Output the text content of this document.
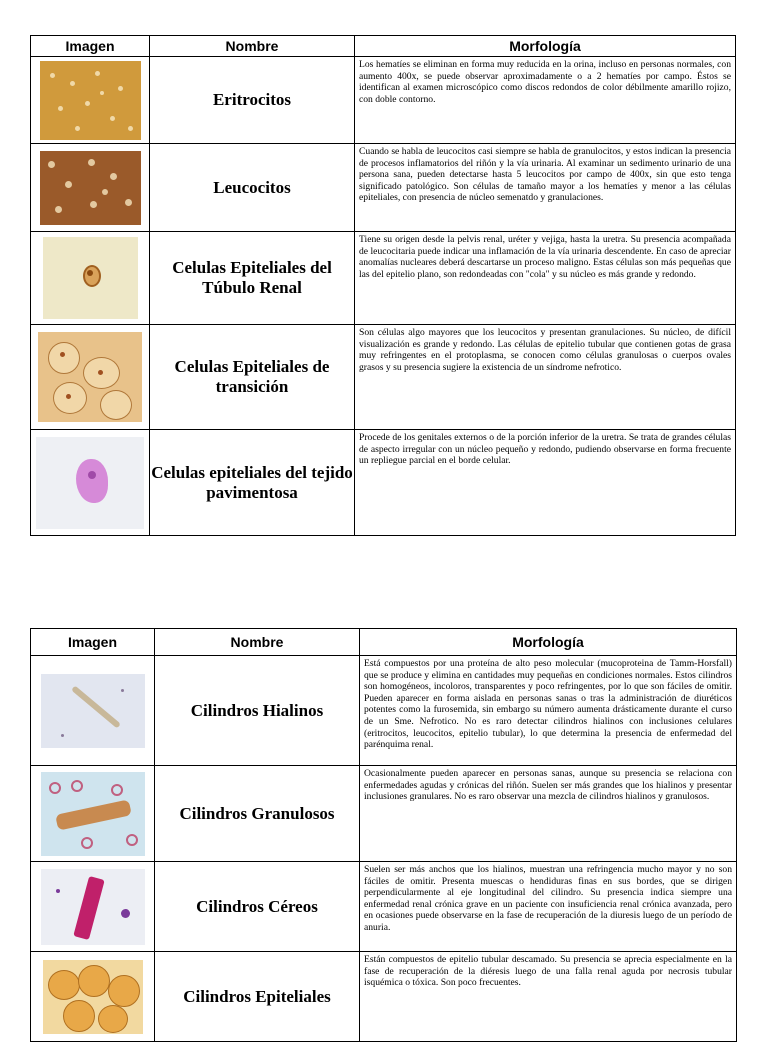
Imagen	Nombre	Morfología

	Eritrocitos	Los hematíes se eliminan en forma muy reducida en la orina, incluso en personas normales, con aumento 400x, se puede observar aproximadamente o a 2 hematíes por campo. Éstos se identifican al examen microscópico como discos redondos de color débilmente amarillo rojizo, con doble contorno.

	Leucocitos	Cuando se habla de leucocitos casi siempre se habla de granulocitos, y estos indican la presencia de procesos inflamatorios del riñón y la vía urinaria. Al examinar un sedimento urinario de una persona sana, pueden detectarse hasta 5 leucocitos por campo de 400x, sin que esto tenga significado patológico. Son células de tamaño mayor a los hematíes y menor a las células epiteliales, con presencia de núcleo semenatdo y granulaciones.

	Celulas Epiteliales del Túbulo Renal	Tiene su origen desde la pelvis renal, uréter y vejiga, hasta la uretra. Su presencia acompañada de leucocitaria puede indicar una inflamación de la vía urinaria descendente. En caso de apreciar anomalías nucleares deberá descartarse un proceso maligno. Estas células son más pequeñas que las del epitelio plano, son redondeadas con "cola" y su núcleo es más grande y redondo.

	Celulas Epiteliales de transición	Son células algo mayores que los leucocitos y presentan granulaciones. Su núcleo, de difícil visualización es grande y redondo. Las células de epitelio tubular que contienen gotas de grasa muy refringentes en el protoplasma, se conocen como células granulosas o cuerpos ovales grasos y su presencia sugiere la existencia de un síndrome nefrotico.

	Celulas epiteliales del tejido pavimentosa	Procede de los genitales externos o de la porción inferior de la uretra. Se trata de grandes células de aspecto irregular con un núcleo pequeño y redondo, pudiendo observarse en forma frecuente un repliegue parcial en el borde celular.
Imagen	Nombre	Morfología

	Cilindros Hialinos	Está compuestos por una proteína de alto peso molecular (mucoproteina de Tamm-Horsfall) que se produce y elimina en cantidades muy pequeñas en condiciones normales. Estos cilindros son homogéneos, incoloros, transparentes y poco refringentes, por lo que son fáciles de omitir. Pueden aparecer en forma aislada en personas sanas o tras la administración de diuréticos potentes como la furosemida, sin embargo su número aumenta drásticamente durante el curso de un Sme. Nefrotico. No es raro detectar cilindros hialinos con inclusiones celulares (eritrocitos, leucocitos, epitelio tubular), lo que determina la presencia de enfermedad del parénquima renal.

	Cilindros Granulosos	Ocasionalmente pueden aparecer en personas sanas, aunque su presencia se relaciona con enfermedades agudas y crónicas del riñón. Suelen ser más grandes que los hialinos y presentar inclusiones granulares. No es raro observar una mezcla de cilindros hialinos y granulosos.

	Cilindros Céreos	Suelen ser más anchos que los hialinos, muestran una refringencia mucho mayor y no son fáciles de omitir. Presenta muescas o hendiduras finas en sus bordes, que se dirigen perpendicularmente al eje longitudinal del cilindro. Su presencia indica siempre una enfermedad renal crónica grave en un paciente con insuficiencia renal crónica avanzada, pero en ocasiones puede observarse en la fase de recuperación de la diuresis luego de un período de anuria.

	Cilindros Epiteliales	Están compuestos de epitelio tubular descamado. Su presencia se aprecia especialmente en la fase de recuperación de la diéresis luego de una falla renal aguda por necrosis tubular isquémica o tóxica. Son poco frecuentes.
